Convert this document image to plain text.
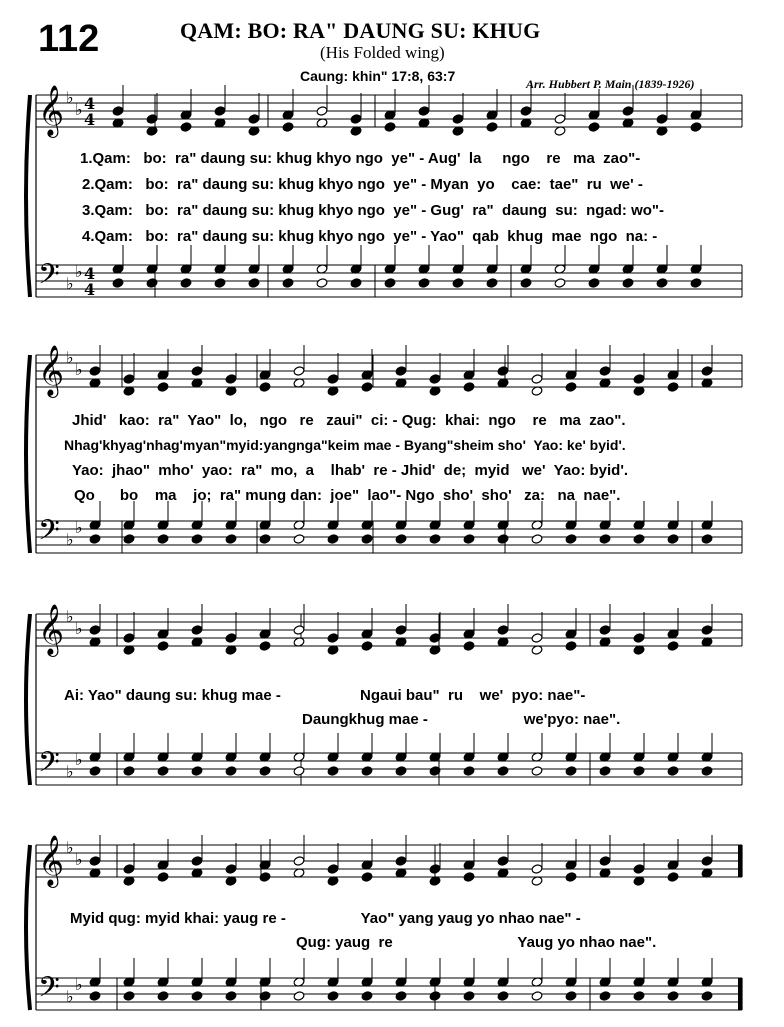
112	QAM: BO: RA" DAUNG SU: KHUG
(His Folded wing)
Caung: khin" 17:8, 63:7	Arr. Hubbert P. Main (1839-1926)
𝄞
𝄢
♭
♭
♭
♭
4
4
4
4
𝄞
𝄢
♭
♭
♭
♭
𝄞
𝄢
♭
♭
♭
♭
𝄞
𝄢
♭
♭
♭
♭
1.Qam:   bo:  ra" daung su: khug khyo ngo  ye" - Aug'  la     ngo    re   ma  zao"-
2.Qam:   bo:  ra" daung su: khug khyo ngo  ye" - Myan  yo    cae:  tae"  ru  we' -
3.Qam:   bo:  ra" daung su: khug khyo ngo  ye" - Gug'  ra"  daung  su:  ngad: wo"-
4.Qam:   bo:  ra" daung su: khug khyo ngo  ye" - Yao"  qab  khug  mae  ngo  na: -
Jhid'   kao:  ra"  Yao"  lo,   ngo   re   zaui"  ci: - Qug:  khai:  ngo    re   ma  zao".
Nhag'khyag'nhag'myan"myid:yangnga"keim mae - Byang"sheim sho'  Yao: ke' byid'.
Yao:  jhao"  mho'  yao:  ra"  mo,  a    lhab'  re - Jhid'  de;  myid   we'  Yao: byid'.
Qo      bo    ma    jo;  ra" mung dan:  joe"  lao"- Ngo  sho'  sho'   za:   na  nae".
Ai: Yao" daung su: khug mae -                   Ngaui bau"  ru    we'  pyo: nae"-
Daungkhug mae -                       we'pyo: nae".
Myid qug: myid khai: yaug re -                  Yao" yang yaug yo nhao nae" -
Qug: yaug  re                              Yaug yo nhao nae".
